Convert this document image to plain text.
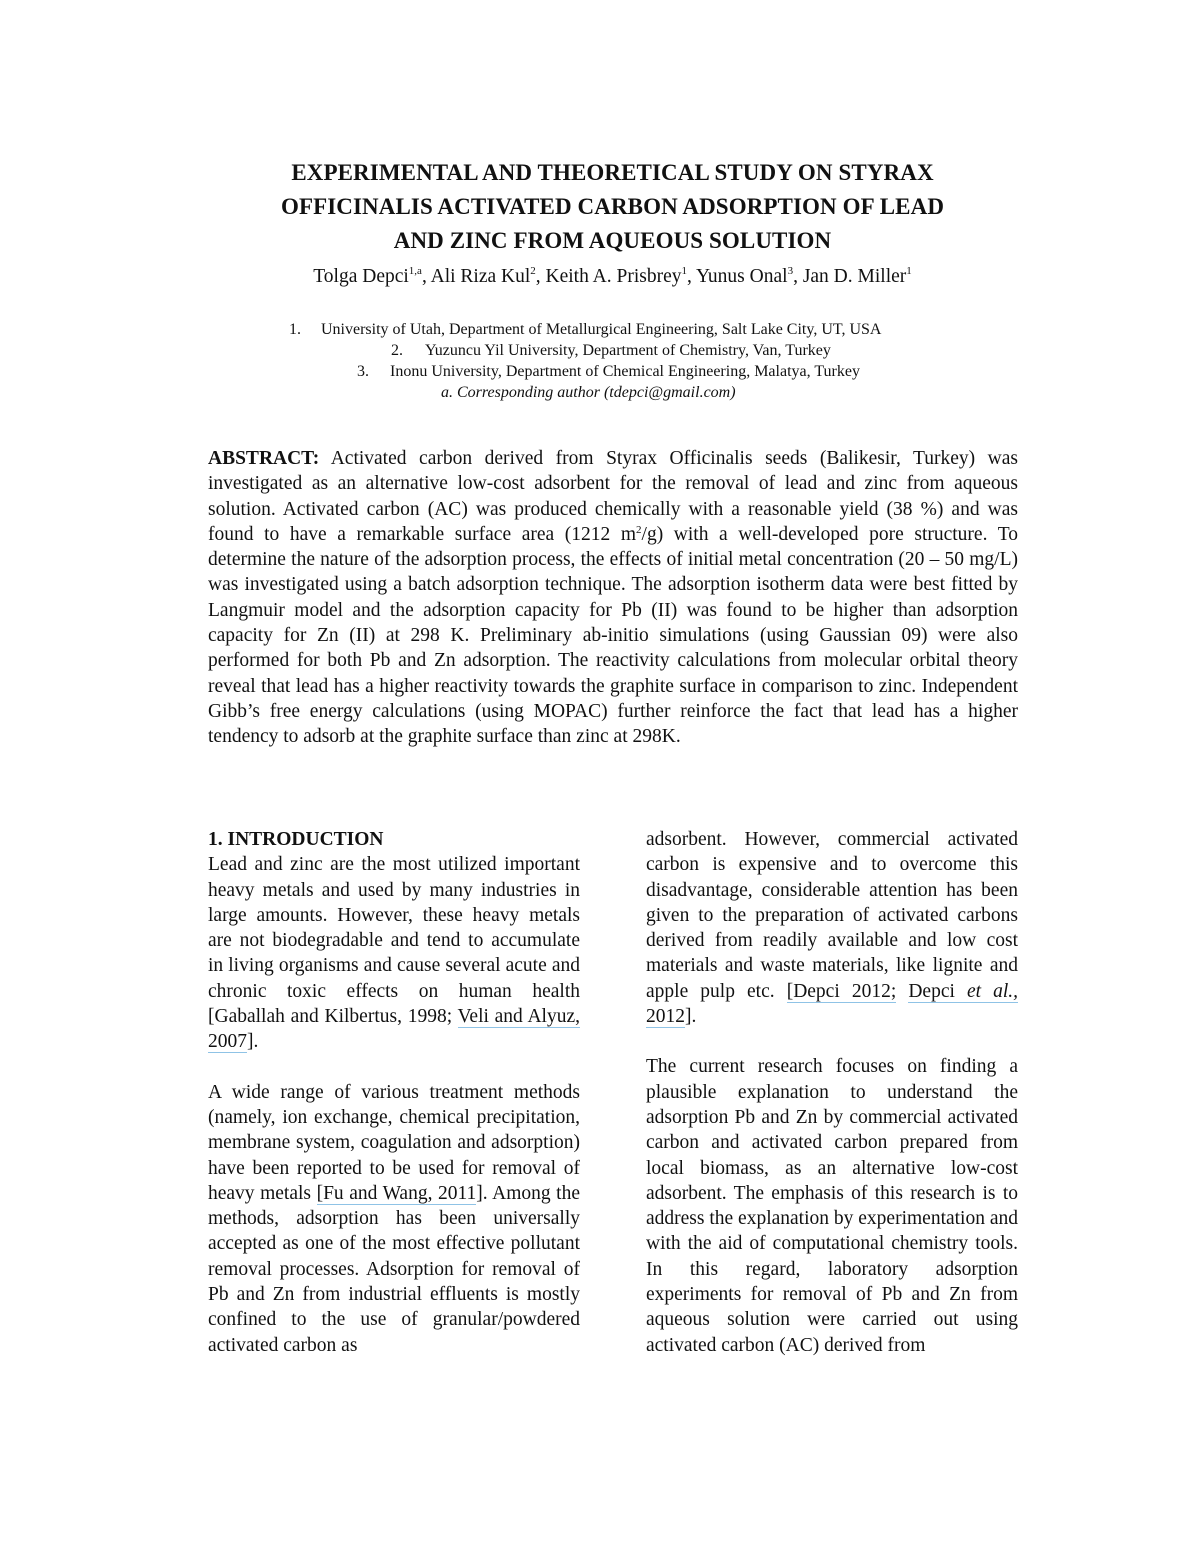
EXPERIMENTAL AND THEORETICAL STUDY ON STYRAX
OFFICINALIS ACTIVATED CARBON ADSORPTION OF LEAD
AND ZINC FROM AQUEOUS SOLUTION
Tolga Depci$^{1,a}$, Ali Riza Kul$^2$, Keith A. Prisbrey$^1$, Yunus Onal$^3$, Jan D. Miller$^1$
1. University of Utah, Department of Metallurgical Engineering, Salt Lake City, UT, USA
2. Yuzuncu Yil University, Department of Chemistry, Van, Turkey
3. Inonu University, Department of Chemical Engineering, Malatya, Turkey
a. Corresponding author (tdepci@gmail.com)
ABSTRACT: Activated carbon derived from Styrax Officinalis seeds (Balikesir, Turkey) was investigated as an alternative low-cost adsorbent for the removal of lead and zinc from aqueous solution. Activated carbon (AC) was produced chemically with a reasonable yield (38 %) and was found to have a remarkable surface area (1212 $m^2/g$) with a well-developed pore structure. To determine the nature of the adsorption process, the effects of initial metal concentration (20 – 50 mg/L) was investigated using a batch adsorption technique. The adsorption isotherm data were best fitted by Langmuir model and the adsorption capacity for Pb (II) was found to be higher than adsorption capacity for Zn (II) at 298 K. Preliminary ab-initio simulations (using Gaussian 09) were also performed for both Pb and Zn adsorption. The reactivity calculations from molecular orbital theory reveal that lead has a higher reactivity towards the graphite surface in comparison to zinc. Independent Gibb’s free energy calculations (using MOPAC) further reinforce the fact that lead has a higher tendency to adsorb at the graphite surface than zinc at 298K.
1. INTRODUCTION

Lead and zinc are the most utilized important heavy metals and used by many industries in large amounts. However, these heavy metals are not biodegradable and tend to accumulate in living organisms and cause several acute and chronic toxic effects on human health [Gaballah and Kilbertus, 1998; Veli and Alyuz, 2007].

A wide range of various treatment methods (namely, ion exchange, chemical precipitation, membrane system, coagulation and adsorption) have been reported to be used for removal of heavy metals [Fu and Wang, 2011]. Among the methods, adsorption has been universally accepted as one of the most effective pollutant removal processes. Adsorption for removal of Pb and Zn from industrial effluents is mostly confined to the use of granular/powdered activated carbon as

adsorbent. However, commercial activated carbon is expensive and to overcome this disadvantage, considerable attention has been given to the preparation of activated carbons derived from readily available and low cost materials and waste materials, like lignite and apple pulp etc. [Depci 2012; Depci et al., 2012].

The current research focuses on finding a plausible explanation to understand the adsorption Pb and Zn by commercial activated carbon and activated carbon prepared from local biomass, as an alternative low-cost adsorbent. The emphasis of this research is to address the explanation by experimentation and with the aid of computational chemistry tools. In this regard, laboratory adsorption experiments for removal of Pb and Zn from aqueous solution were carried out using activated carbon (AC) derived from
